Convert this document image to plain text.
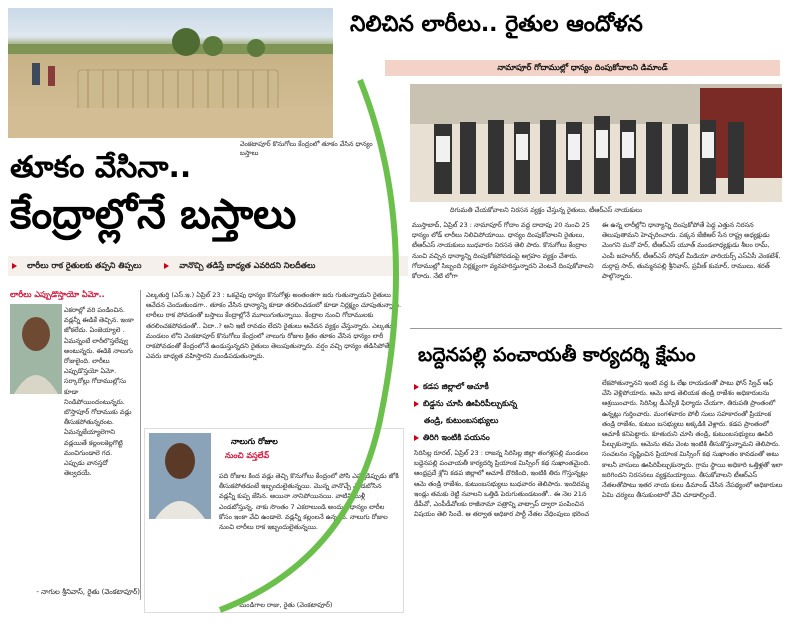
వెంకటాపూర్ కొనుగోలు కేంద్రంలో తూకం వేసిన ధాన్యం బస్తాలు
తూకం వేసినా..
కేంద్రాల్లోనే బస్తాలు
లారీలు రాక రైతులకు తప్పని తిప్పలు	వానొచ్చి తడిస్తే బాధ్యత ఎవరిదని నిలదీతలు
లారీలు ఎప్పుడొస్తాయో ఏమో..
ఎకరాల్లో వరి పండించిన. వడ్లన్నీ ఈడికే తెచ్చిన. ఇంకా జోకలేదు. ఏంజెయ్యాలె . ఏమన్నంటే లారీలొస్తలేవ్వు అంటున్నరు. ఈడికి నాలుగు రోజులైంది. లారీలు ఎప్పుడొస్తయో ఏమో. సర్కారోల్లు గోదాముల్లోసు కూడా నిండిపోయిందంటున్నరు. బొస్తాపూర్ గోదాముకు వడ్లు తీసుకపోతున్నరంట. ఏమన్నజేయ్యాలెగాని వడ్లయితే కల్లంలకెల్లగొట్టి మంచిగుండాలె గద. ఎప్పుడు వానస్తదో తెల్వదయే.
- నాగుల శ్రీనివాస్, రైతు (వెంకటాపూర్)
ఎల్కతుర్తి (ఎస్.ఇ.) ఏప్రిల్ 23 : ఒకవైపు ధాన్యం కొనుగోళ్లు అంతంతగా జరు గుతున్నాయని రైతులు ఆవేదన చెందుతుండగా.. తూకం వేసిన ధాన్యాన్ని కూడా తరలించడంలో కూడా నిర్లక్ష్యం చూపుతున్నారు. లారీలు రాక పోవడంతో బస్తాలు కేంద్రాల్లోనే మూలుగుతున్నాయి. కేంద్రాల నుంచి గోదాములకు తరలించకపోవడంతో.. ఏదా..? అని ఇటీ రావడం లేదని రైతులు ఆవేదన వ్యక్తం చేస్తున్నారు. ఎల్కతుర్తి మండలం లోని వెంకటాపూర్ కొనుగోలు కేంద్రంలో నాలుగు రోజుల క్రితం తూకం వేసిన ధాన్యం లారీ రాకపోవడంతో కేంద్రంలోనే ఉండుస్తున్నదని రైతులు తెలుపుతున్నారు. వర్షం వచ్చి ధాన్యం తడిసిపోతే ఎవరు బాధ్యత వహిస్తారని మండిపడుతున్నారు.
నాలుగు రోజుల
నుంచి వస్తలేవ్
పది రోజుల కింద వడ్లు తెచ్చి కొనుగోలు కేంద్రంలో పోసి ఎప్పుడిప్పుడు జోకి తీసుకపోతడంటే ఇబ్బందులైతున్నయి. మొన్న వానొచ్చే ఎండబోసిన వడ్లన్నీ కుప్ప జేసిన. అయినా నానిపోయినయి. వాటిని మళ్లీ ఎండబోస్తున్న. నాకు సొంతం 7 ఎకరాలుండి అందుల ధాన్యం లారీల కోసం ఇంకా వేచి ఉండాలె. వడ్లన్నీ కల్లంలనే ఉన్నయి. నాలుగు రోజుల నుంచి లారీలు రాక ఇబ్బందులైతున్నయి.
- మండిగాల రాజు, రైతు (వెంకటాపూర్)
నిలిచిన లారీలు.. రైతుల ఆందోళన
నామాపూర్ గోదాముల్లో ధాన్యం దింపుకోవాలని డిమాండ్
దిగుమతి చేయకోవాలని నిరసన వ్యక్తం చేస్తున్న రైతులు, టీఆర్ఎస్ నాయకులు
ముస్తాబాద్, ఏప్రిల్ 23 : నామాపూర్ గోదాం వద్ద దాదాపు 20 నుంచి 25 ధాన్యం లోడ్ లారీలు నిలిచిపోయాయి. ధాన్యం దింపుకోవాలని రైతులు, టీఆర్ఎస్ నాయకులు బుధవారం నిరసన తెలి పారు. కొనుగోలు కేంద్రాల నుంచి వచ్చిన ధాన్యాన్ని దింపుకోకపోవడంపై ఆగ్రహం వ్యక్తం చేశారు. గోదాముల్లో సిబ్బంది నిర్లక్ష్యంగా వ్యవహరిస్తున్నారని వెంటనే దింపుకోవాలని కోరారు. నేటి లోగా
ఈ ఉన్న లారీల్లోని ధాన్యాన్ని దింపుకోపోతే పెద్ద ఎత్తున నిరసన తెలుపుతామని హెచ్చరించారు. పక్కన జేజీఆర్ సేన రాష్ట్ర అధ్యక్షుడు మెంగని మనో హర్, టీఆర్ఎస్ యూత్ మండలాధ్యక్షుడు శీలం రామ్, ఎంపీ జహంగీర్, టీఆర్ఎస్ సోషల్ మీడియా వారియర్స్ ఎస్ఏసీ వెంకటేశ్, దుర్గాప్ర సాద్, తుమ్మనపల్లి శ్రీనివాస్, ప్రవీణ్ కుమార్, రాములు, శరత్ పాల్గొన్నారు.
బద్దెనపల్లి పంచాయతీ కార్యదర్శి క్షేమం
కడప జిల్లాలో ఆచూకీ
బిడ్డను చూసి ఊపిరిపీల్చుకున్న
తండ్రి, కుటుంబసభ్యులు
తిరిగి ఇంటికి పయనం
సిరిసిల్ల రూరల్, ఏప్రిల్ 23 : రాజన్న సిరిసిల్ల జిల్లా తంగళ్లపల్లి మండలం బద్దెనపల్లి పంచాయతీ కార్యదర్శి ప్రియాంక మిస్సింగ్ కథ సుఖాంతమైంది. ఆంధ్రప్రదే శ్లోని కడప జిల్లాలో ఆచూకీ దొరికింది, ఇంటికి తిరు గొస్తున్నట్లు ఆమె తండ్రి రాజేశం, కుటుంబసభ్యులు బుధవారం తెలిపారు. ఇందిరమ్మ ఇండ్లు తమకు రెట్టి నవాలని ఒత్తిడి పెరుగుతుండటంతో.. ఈ నెల 21న డీపీవో, ఎంపీడీవోలకు రాజీనామా పత్రాన్ని వాట్సాప్ ద్వారా పంపించిన విషయం తెలి సిందే. ఆ తర్వాత అధికార పార్టీ నేతల వేధింపులు భరించ
లేకపోతున్నానని ఇంటి వద్ద ఓ లేఖ రాయడంతో పాటు ఫోన్ స్విచ్ ఆఫ్ చేసి వెళ్లిపోయారు. ఆమె జాడ తెలియక తండ్రి రాజేశం అధికారులను ఆశ్రయించారు. సిరిసిల్ల డీఎస్పీకి ఫిర్యాదు చేయగా, తిరుపతి ప్రాంతంలో ఉన్నట్లు గుర్తించారు. మంగళవారం పోలీ సులు సహకారంతో ప్రియాంక తండ్రి రాజేశం, కుటుం బసభ్యులు అక్కడికి వెళ్లారు. కడప ప్రాంతంలో ఆచూకీ కనిపెట్టారు. కూతురుని చూసి తండ్రి, కుటుంబసభ్యులు ఊపిరి పీల్చుకున్నారు. ఆమెను తమ వెంట ఇంటికి తీసుకొస్తున్నామని తెలిపారు. సంచలనం సృష్టించిన ప్రియాంక మిస్సింగ్ కథ సుఖాంతం కావడంతో అటు కాలనీ వాసులు ఊపిరిపీల్చుకున్నారు. గ్రామ స్థాయి అధికారి ఒత్తిళ్లతో ఇలా జరిగిందని నిరసనలు వ్యక్తమయ్యాయి. తీసుకోవాలని టీఆర్ఎస్ నేతలతోపాటు ఇతర నాయ కులు డిమాండ్ చేసిన నేపథ్యంలో అధికారులు ఏమి చర్యలు తీసుకుంటారో వేచి చూడాల్సిందే.
